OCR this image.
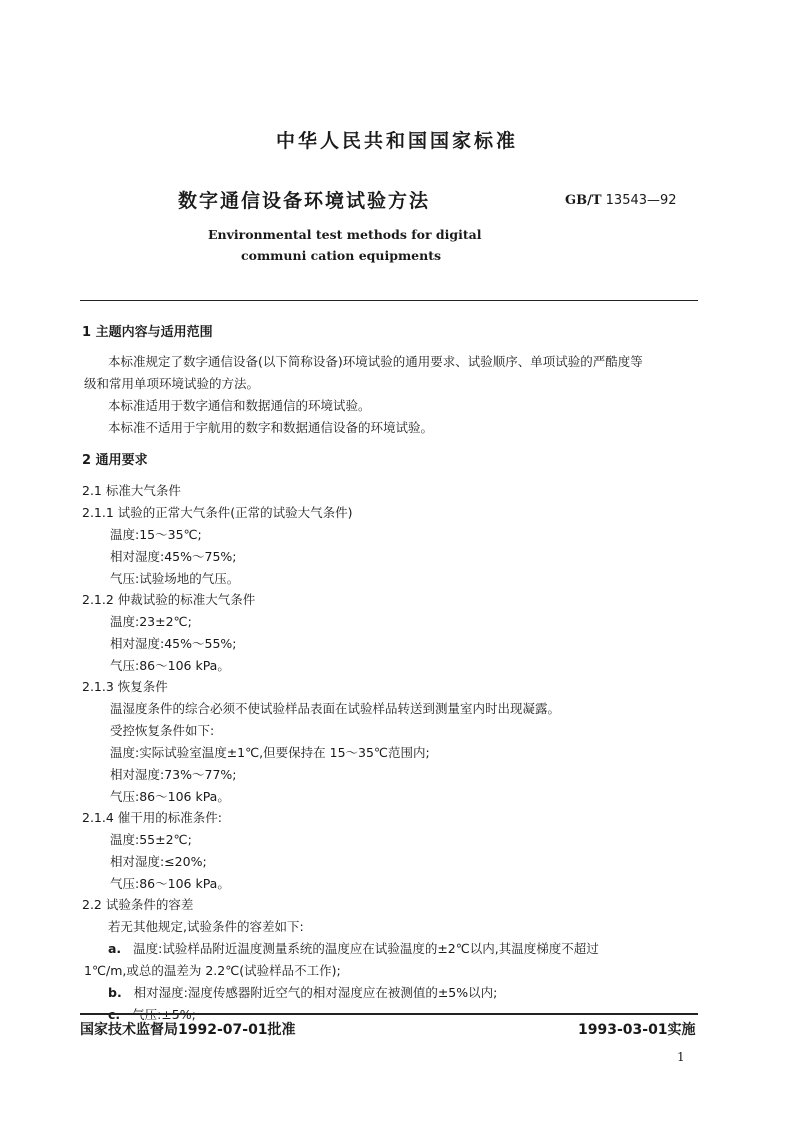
中华人民共和国国家标准
数字通信设备环境试验方法	GB/T 13543—92
Environmental test methods for digital
communi cation equipments
1 主题内容与适用范围
本标准规定了数字通信设备(以下简称设备)环境试验的通用要求、试验顺序、单项试验的严酷度等
级和常用单项环境试验的方法。
本标准适用于数字通信和数据通信的环境试验。
本标准不适用于宇航用的数字和数据通信设备的环境试验。
2 通用要求
2.1 标准大气条件
2.1.1 试验的正常大气条件(正常的试验大气条件)
温度:15～35℃;
相对湿度:45%～75%;
气压:试验场地的气压。
2.1.2 仲裁试验的标准大气条件
温度:23±2℃;
相对湿度:45%～55%;
气压:86～106 kPa。
2.1.3 恢复条件
温湿度条件的综合必须不使试验样品表面在试验样品转送到测量室内时出现凝露。
受控恢复条件如下:
温度:实际试验室温度±1℃,但要保持在 15～35℃范围内;
相对湿度:73%～77%;
气压:86～106 kPa。
2.1.4 催干用的标准条件:
温度:55±2℃;
相对湿度:≤20%;
气压:86～106 kPa。
2.2 试验条件的容差
若无其他规定,试验条件的容差如下:
a. 温度:试验样品附近温度测量系统的温度应在试验温度的±2℃以内,其温度梯度不超过
1℃/m,或总的温差为 2.2℃(试验样品不工作);
b. 相对湿度:湿度传感器附近空气的相对湿度应在被测值的±5%以内;
c. 气压:±5%;
国家技术监督局1992-07-01批准	1993-03-01实施
1
